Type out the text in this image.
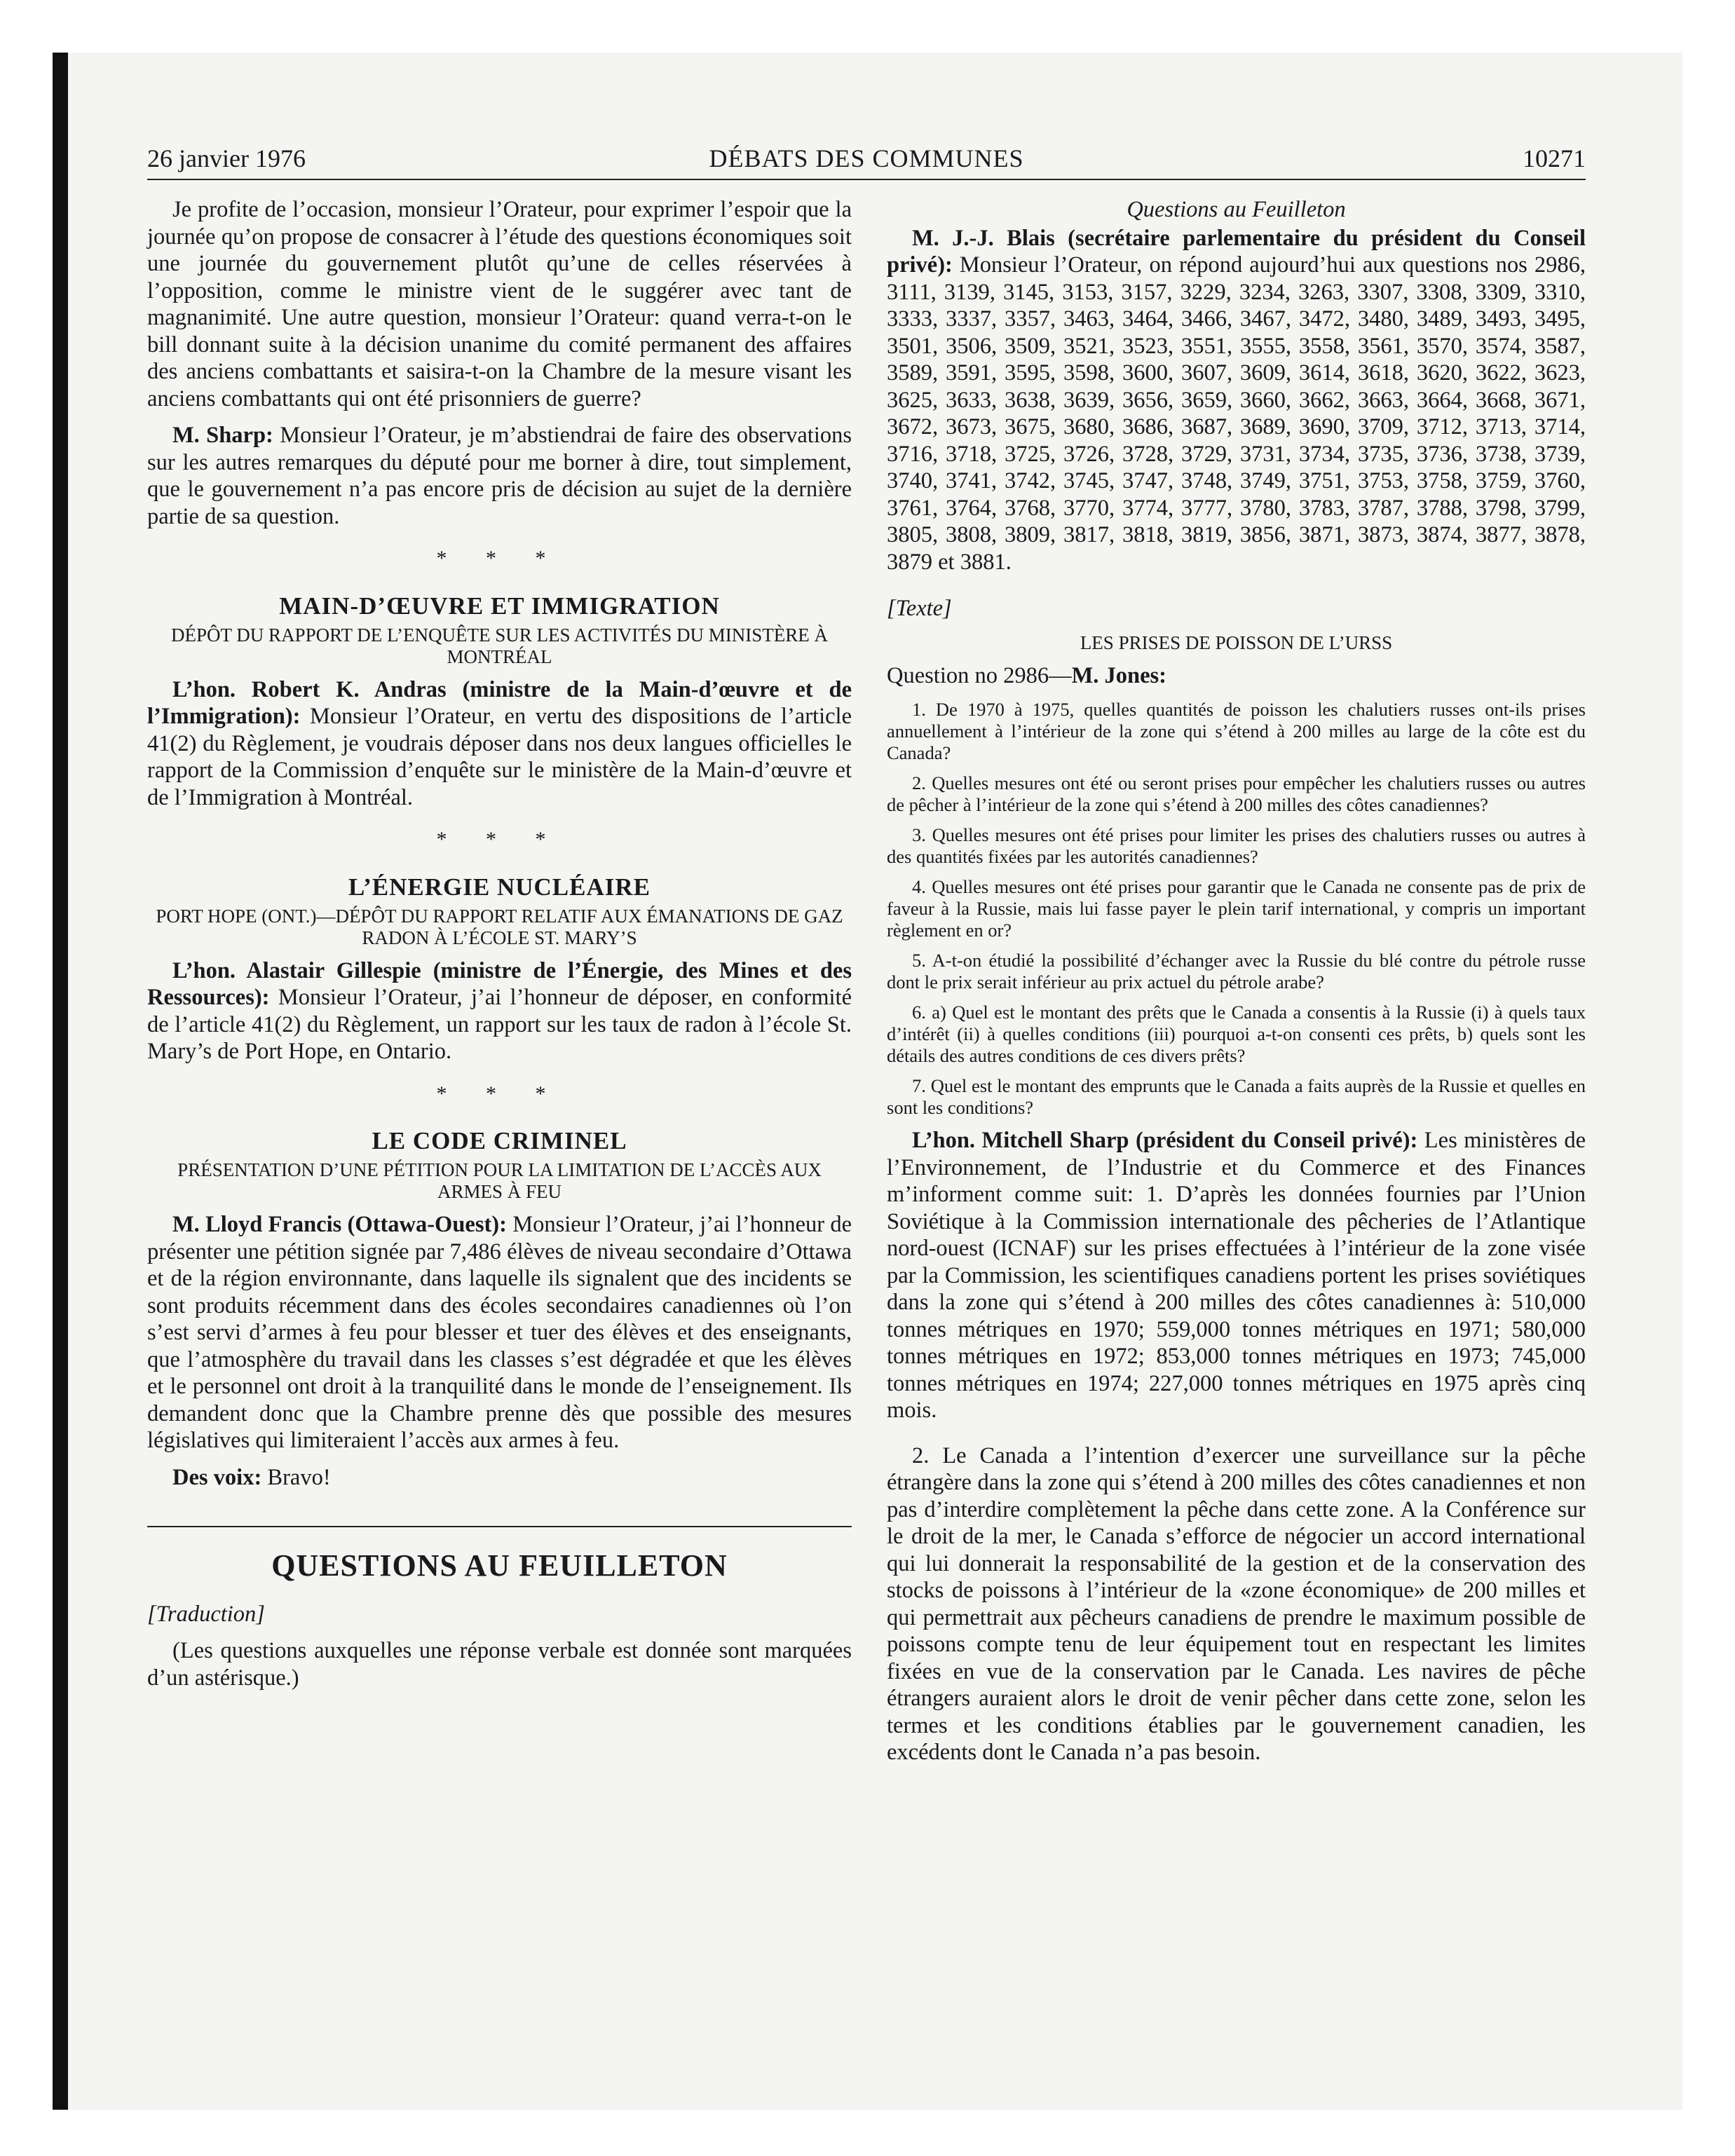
26 janvier 1976	DÉBATS DES COMMUNES	10271

Je profite de l’occasion, monsieur l’Orateur, pour exprimer l’espoir que la journée qu’on propose de consacrer à l’étude des questions économiques soit une journée du gouvernement plutôt qu’une de celles réservées à l’opposition, comme le ministre vient de le suggérer avec tant de magnanimité. Une autre question, monsieur l’Orateur: quand verra-t-on le bill donnant suite à la décision unanime du comité permanent des affaires des anciens combattants et saisira-t-on la Chambre de la mesure visant les anciens combattants qui ont été prisonniers de guerre?

M. Sharp: Monsieur l’Orateur, je m’abstiendrai de faire des observations sur les autres remarques du député pour me borner à dire, tout simplement, que le gouvernement n’a pas encore pris de décision au sujet de la dernière partie de sa question.

* * *
MAIN-D’ŒUVRE ET IMMIGRATION
DÉPÔT DU RAPPORT DE L’ENQUÊTE SUR LES ACTIVITÉS DU MINISTÈRE À MONTRÉAL

L’hon. Robert K. Andras (ministre de la Main-d’œuvre et de l’Immigration): Monsieur l’Orateur, en vertu des dispositions de l’article 41(2) du Règlement, je voudrais déposer dans nos deux langues officielles le rapport de la Commission d’enquête sur le ministère de la Main-d’œuvre et de l’Immigration à Montréal.

* * *
L’ÉNERGIE NUCLÉAIRE
PORT HOPE (ONT.)—DÉPÔT DU RAPPORT RELATIF AUX ÉMANATIONS DE GAZ RADON À L’ÉCOLE ST. MARY’S

L’hon. Alastair Gillespie (ministre de l’Énergie, des Mines et des Ressources): Monsieur l’Orateur, j’ai l’honneur de déposer, en conformité de l’article 41(2) du Règlement, un rapport sur les taux de radon à l’école St. Mary’s de Port Hope, en Ontario.

* * *
LE CODE CRIMINEL
PRÉSENTATION D’UNE PÉTITION POUR LA LIMITATION DE L’ACCÈS AUX ARMES À FEU

M. Lloyd Francis (Ottawa-Ouest): Monsieur l’Orateur, j’ai l’honneur de présenter une pétition signée par 7,486 élèves de niveau secondaire d’Ottawa et de la région environnante, dans laquelle ils signalent que des incidents se sont produits récemment dans des écoles secondaires canadiennes où l’on s’est servi d’armes à feu pour blesser et tuer des élèves et des enseignants, que l’atmosphère du travail dans les classes s’est dégradée et que les élèves et le personnel ont droit à la tranquilité dans le monde de l’enseignement. Ils demandent donc que la Chambre prenne dès que possible des mesures législatives qui limiteraient l’accès aux armes à feu.

Des voix: Bravo!

QUESTIONS AU FEUILLETON

[Traduction]

(Les questions auxquelles une réponse verbale est donnée sont marquées d’un astérisque.)

Questions au Feuilleton

M. J.-J. Blais (secrétaire parlementaire du président du Conseil privé): Monsieur l’Orateur, on répond aujourd’hui aux questions nos 2986, 3111, 3139, 3145, 3153, 3157, 3229, 3234, 3263, 3307, 3308, 3309, 3310, 3333, 3337, 3357, 3463, 3464, 3466, 3467, 3472, 3480, 3489, 3493, 3495, 3501, 3506, 3509, 3521, 3523, 3551, 3555, 3558, 3561, 3570, 3574, 3587, 3589, 3591, 3595, 3598, 3600, 3607, 3609, 3614, 3618, 3620, 3622, 3623, 3625, 3633, 3638, 3639, 3656, 3659, 3660, 3662, 3663, 3664, 3668, 3671, 3672, 3673, 3675, 3680, 3686, 3687, 3689, 3690, 3709, 3712, 3713, 3714, 3716, 3718, 3725, 3726, 3728, 3729, 3731, 3734, 3735, 3736, 3738, 3739, 3740, 3741, 3742, 3745, 3747, 3748, 3749, 3751, 3753, 3758, 3759, 3760, 3761, 3764, 3768, 3770, 3774, 3777, 3780, 3783, 3787, 3788, 3798, 3799, 3805, 3808, 3809, 3817, 3818, 3819, 3856, 3871, 3873, 3874, 3877, 3878, 3879 et 3881.

[Texte]

LES PRISES DE POISSON DE L’URSS

Question no 2986—M. Jones:

1. De 1970 à 1975, quelles quantités de poisson les chalutiers russes ont-ils prises annuellement à l’intérieur de la zone qui s’étend à 200 milles au large de la côte est du Canada?

2. Quelles mesures ont été ou seront prises pour empêcher les chalutiers russes ou autres de pêcher à l’intérieur de la zone qui s’étend à 200 milles des côtes canadiennes?

3. Quelles mesures ont été prises pour limiter les prises des chalutiers russes ou autres à des quantités fixées par les autorités canadiennes?

4. Quelles mesures ont été prises pour garantir que le Canada ne consente pas de prix de faveur à la Russie, mais lui fasse payer le plein tarif international, y compris un important règlement en or?

5. A-t-on étudié la possibilité d’échanger avec la Russie du blé contre du pétrole russe dont le prix serait inférieur au prix actuel du pétrole arabe?

6. a) Quel est le montant des prêts que le Canada a consentis à la Russie (i) à quels taux d’intérêt (ii) à quelles conditions (iii) pourquoi a-t-on consenti ces prêts, b) quels sont les détails des autres conditions de ces divers prêts?

7. Quel est le montant des emprunts que le Canada a faits auprès de la Russie et quelles en sont les conditions?

L’hon. Mitchell Sharp (président du Conseil privé): Les ministères de l’Environnement, de l’Industrie et du Commerce et des Finances m’informent comme suit: 1. D’après les données fournies par l’Union Soviétique à la Commission internationale des pêcheries de l’Atlantique nord-ouest (ICNAF) sur les prises effectuées à l’intérieur de la zone visée par la Commission, les scientifiques canadiens portent les prises soviétiques dans la zone qui s’étend à 200 milles des côtes canadiennes à: 510,000 tonnes métriques en 1970; 559,000 tonnes métriques en 1971; 580,000 tonnes métriques en 1972; 853,000 tonnes métriques en 1973; 745,000 tonnes métriques en 1974; 227,000 tonnes métriques en 1975 après cinq mois.

2. Le Canada a l’intention d’exercer une surveillance sur la pêche étrangère dans la zone qui s’étend à 200 milles des côtes canadiennes et non pas d’interdire complètement la pêche dans cette zone. A la Conférence sur le droit de la mer, le Canada s’efforce de négocier un accord international qui lui donnerait la responsabilité de la gestion et de la conservation des stocks de poissons à l’intérieur de la «zone économique» de 200 milles et qui permettrait aux pêcheurs canadiens de prendre le maximum possible de poissons compte tenu de leur équipement tout en respectant les limites fixées en vue de la conservation par le Canada. Les navires de pêche étrangers auraient alors le droit de venir pêcher dans cette zone, selon les termes et les conditions établies par le gouvernement canadien, les excédents dont le Canada n’a pas besoin.
